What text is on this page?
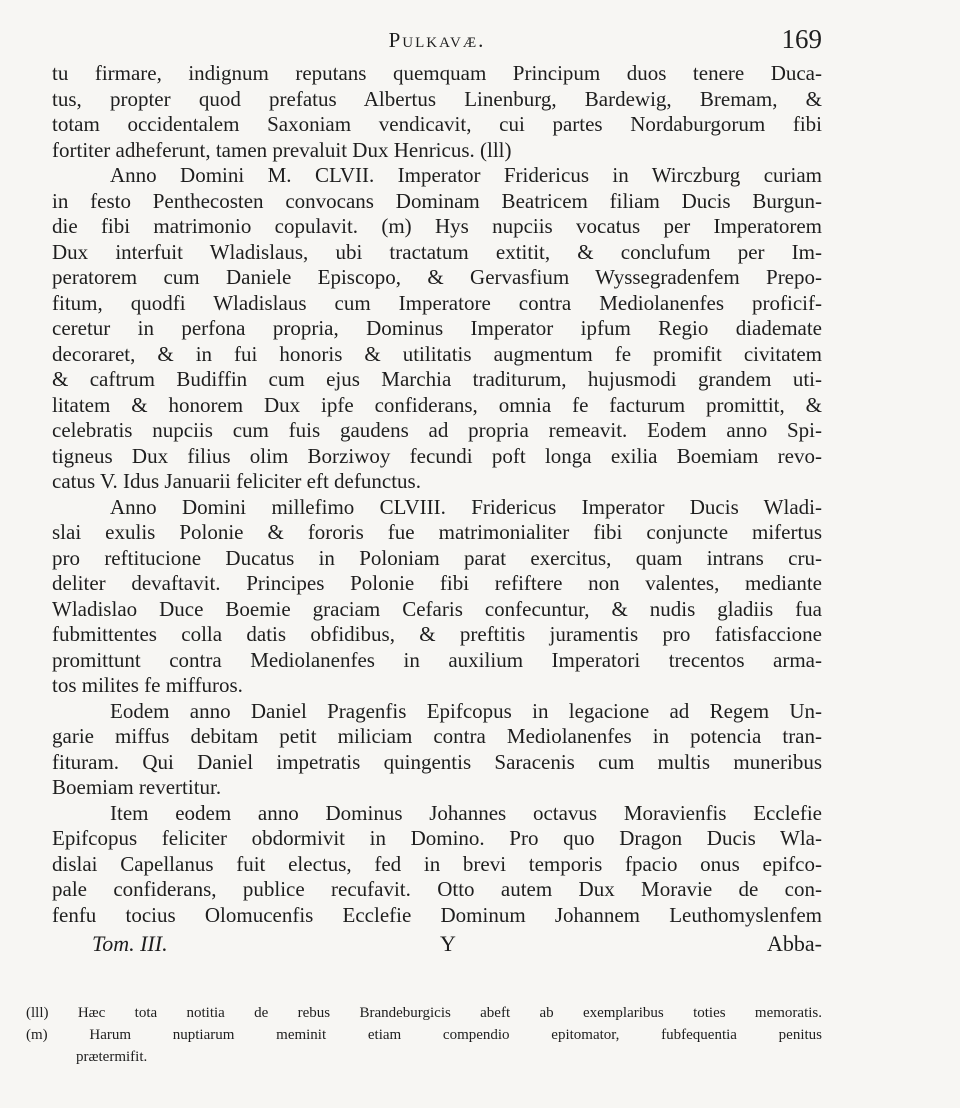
Pulkavæ.	169
tu firmare, indignum reputans quemquam Principum duos tenere Duca-
tus, propter quod prefatus Albertus Linenburg, Bardewig, Bremam, &
totam occidentalem Saxoniam vendicavit, cui partes Nordaburgorum fibi
fortiter adheferunt, tamen prevaluit Dux Henricus. (lll)
Anno Domini M. CLVII. Imperator Fridericus in Wirczburg curiam
in festo Penthecosten convocans Dominam Beatricem filiam Ducis Burgun-
die fibi matrimonio copulavit. (m) Hys nupciis vocatus per Imperatorem
Dux interfuit Wladislaus, ubi tractatum extitit, & conclufum per Im-
peratorem cum Daniele Episcopo, & Gervasfium Wyssegradenfem Prepo-
fitum, quodfi Wladislaus cum Imperatore contra Mediolanenfes proficif-
ceretur in perfona propria, Dominus Imperator ipfum Regio diademate
decoraret, & in fui honoris & utilitatis augmentum fe promifit civitatem
& caftrum Budiffin cum ejus Marchia traditurum, hujusmodi grandem uti-
litatem & honorem Dux ipfe confiderans, omnia fe facturum promittit, &
celebratis nupciis cum fuis gaudens ad propria remeavit. Eodem anno Spi-
tigneus Dux filius olim Borziwoy fecundi poft longa exilia Boemiam revo-
catus V. Idus Januarii feliciter eft defunctus.
Anno Domini millefimo CLVIII. Fridericus Imperator Ducis Wladi-
slai exulis Polonie & fororis fue matrimonialiter fibi conjuncte mifertus
pro reftitucione Ducatus in Poloniam parat exercitus, quam intrans cru-
deliter devaftavit. Principes Polonie fibi refiftere non valentes, mediante
Wladislao Duce Boemie graciam Cefaris confecuntur, & nudis gladiis fua
fubmittentes colla datis obfidibus, & preftitis juramentis pro fatisfaccione
promittunt contra Mediolanenfes in auxilium Imperatori trecentos arma-
tos milites fe miffuros.
Eodem anno Daniel Pragenfis Epifcopus in legacione ad Regem Un-
garie miffus debitam petit miliciam contra Mediolanenfes in potencia tran-
fituram. Qui Daniel impetratis quingentis Saracenis cum multis muneribus
Boemiam revertitur.
Item eodem anno Dominus Johannes octavus Moravienfis Ecclefie
Epifcopus feliciter obdormivit in Domino. Pro quo Dragon Ducis Wla-
dislai Capellanus fuit electus, fed in brevi temporis fpacio onus epifco-
pale confiderans, publice recufavit. Otto autem Dux Moravie de con-
fenfu tocius Olomucenfis Ecclefie Dominum Johannem Leuthomyslenfem
Tom. III.	Y	Abba-
(lll) Hæc tota notitia de rebus Brandeburgicis abeft ab exemplaribus toties memoratis.
(m) Harum nuptiarum meminit etiam compendio epitomator, fubfequentia penitus
prætermifit.
